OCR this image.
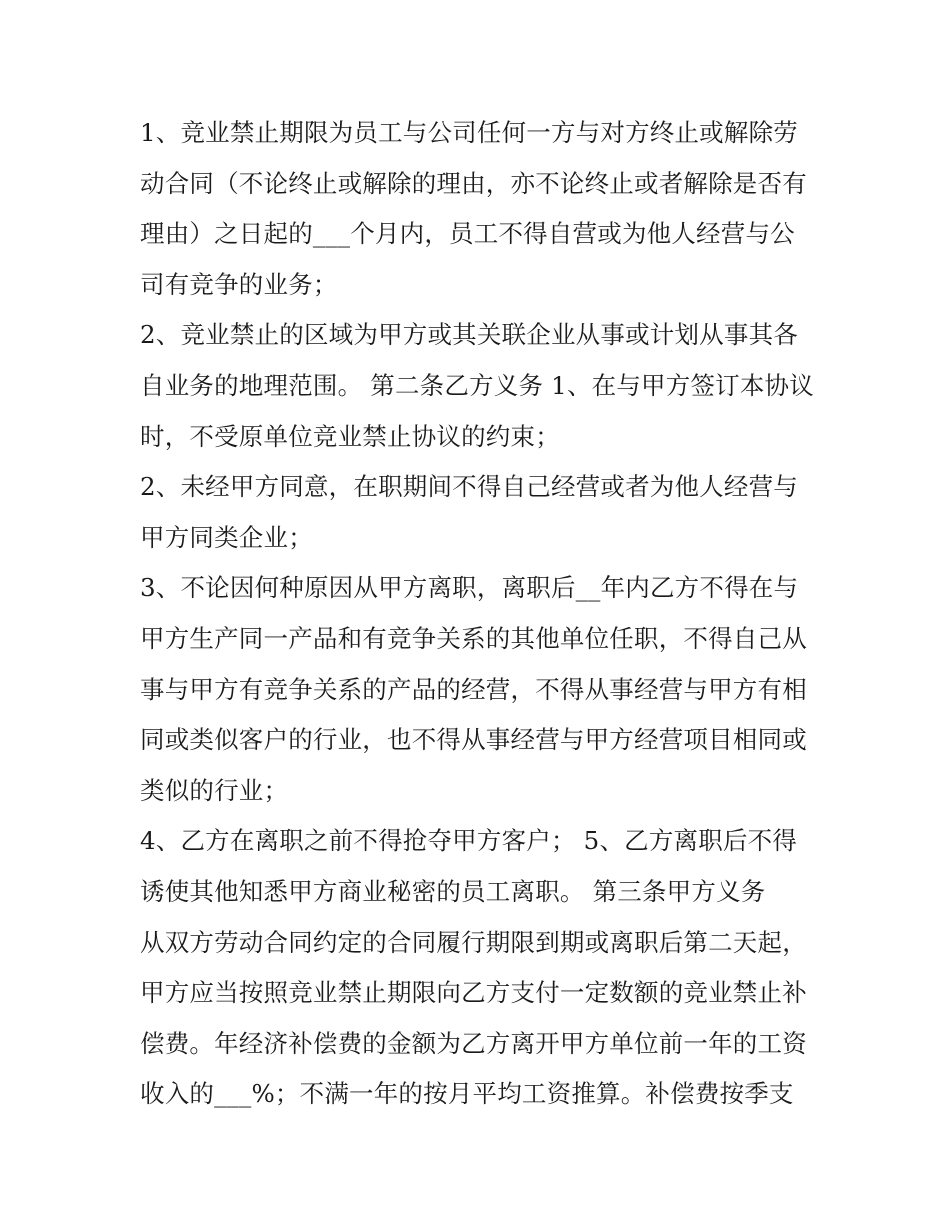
1、竞业禁止期限为员工与公司任何一方与对方终止或解除劳
动合同（不论终止或解除的理由，亦不论终止或者解除是否有
理由）之日起的___个月内，员工不得自营或为他人经营与公
司有竞争的业务；
2、竞业禁止的区域为甲方或其关联企业从事或计划从事其各
自业务的地理范围。 第二条乙方义务 1、在与甲方签订本协议
时，不受原单位竞业禁止协议的约束；
2、未经甲方同意，在职期间不得自己经营或者为他人经营与
甲方同类企业；
3、不论因何种原因从甲方离职，离职后__年内乙方不得在与
甲方生产同一产品和有竞争关系的其他单位任职，不得自己从
事与甲方有竞争关系的产品的经营，不得从事经营与甲方有相
同或类似客户的行业，也不得从事经营与甲方经营项目相同或
类似的行业；
4、乙方在离职之前不得抢夺甲方客户； 5、乙方离职后不得
诱使其他知悉甲方商业秘密的员工离职。 第三条甲方义务
从双方劳动合同约定的合同履行期限到期或离职后第二天起，
甲方应当按照竞业禁止期限向乙方支付一定数额的竞业禁止补
偿费。年经济补偿费的金额为乙方离开甲方单位前一年的工资
收入的___%；不满一年的按月平均工资推算。补偿费按季支
